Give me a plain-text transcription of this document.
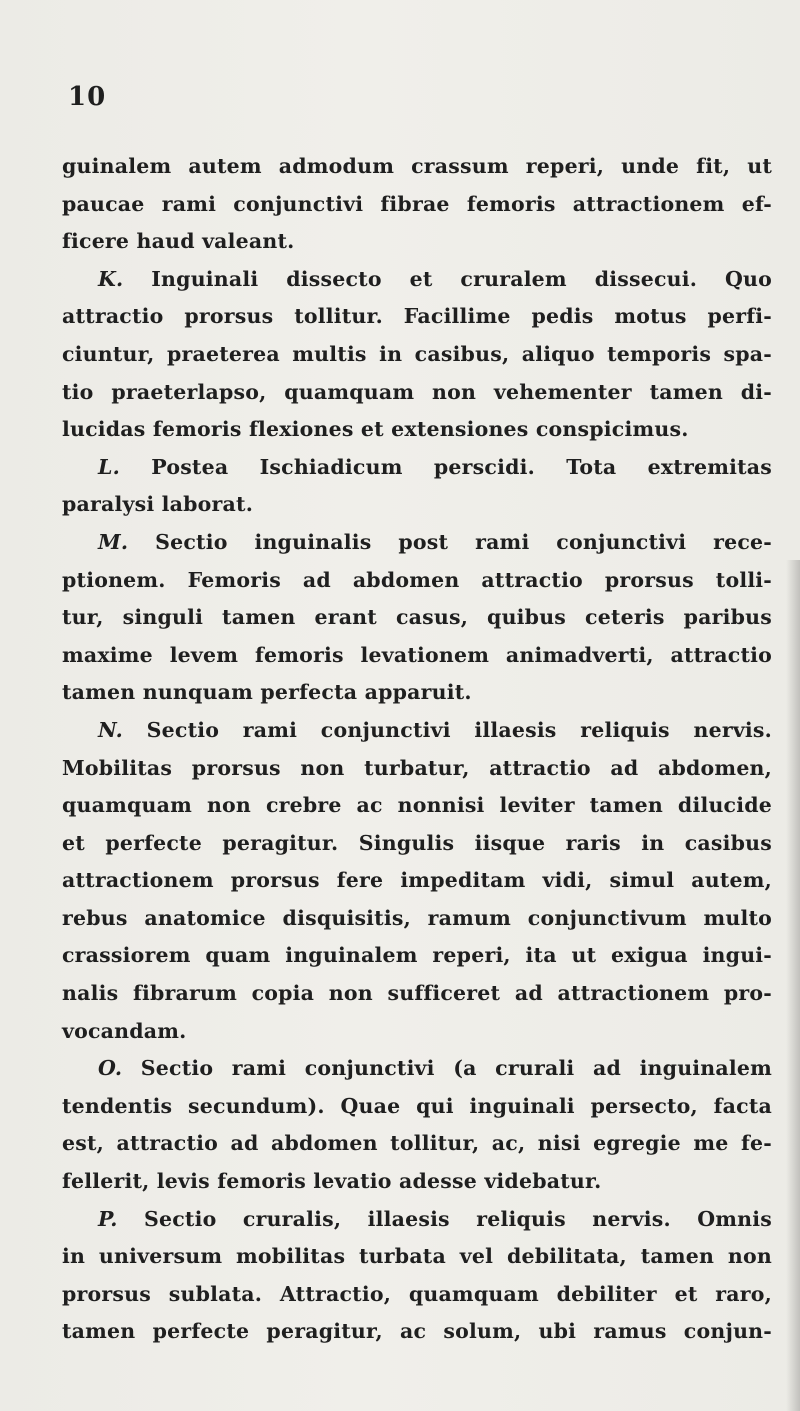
10
guinalem autem admodum crassum reperi, unde fit, ut
paucae rami conjunctivi fibrae femoris attractionem ef-
ficere haud valeant.
K. Inguinali dissecto et cruralem dissecui. Quo
attractio prorsus tollitur. Facillime pedis motus perfi-
ciuntur, praeterea multis in casibus, aliquo temporis spa-
tio praeterlapso, quamquam non vehementer tamen di-
lucidas femoris flexiones et extensiones conspicimus.
L. Postea Ischiadicum perscidi. Tota extremitas
paralysi laborat.
M. Sectio inguinalis post rami conjunctivi rece-
ptionem. Femoris ad abdomen attractio prorsus tolli-
tur, singuli tamen erant casus, quibus ceteris paribus
maxime levem femoris levationem animadverti, attractio
tamen nunquam perfecta apparuit.
N. Sectio rami conjunctivi illaesis reliquis nervis.
Mobilitas prorsus non turbatur, attractio ad abdomen,
quamquam non crebre ac nonnisi leviter tamen dilucide
et perfecte peragitur. Singulis iisque raris in casibus
attractionem prorsus fere impeditam vidi, simul autem,
rebus anatomice disquisitis, ramum conjunctivum multo
crassiorem quam inguinalem reperi, ita ut exigua ingui-
nalis fibrarum copia non sufficeret ad attractionem pro-
vocandam.
O. Sectio rami conjunctivi (a crurali ad inguinalem
tendentis secundum). Quae qui inguinali persecto, facta
est, attractio ad abdomen tollitur, ac, nisi egregie me fe-
fellerit, levis femoris levatio adesse videbatur.
P. Sectio cruralis, illaesis reliquis nervis. Omnis
in universum mobilitas turbata vel debilitata, tamen non
prorsus sublata. Attractio, quamquam debiliter et raro,
tamen perfecte peragitur, ac solum, ubi ramus conjun-
